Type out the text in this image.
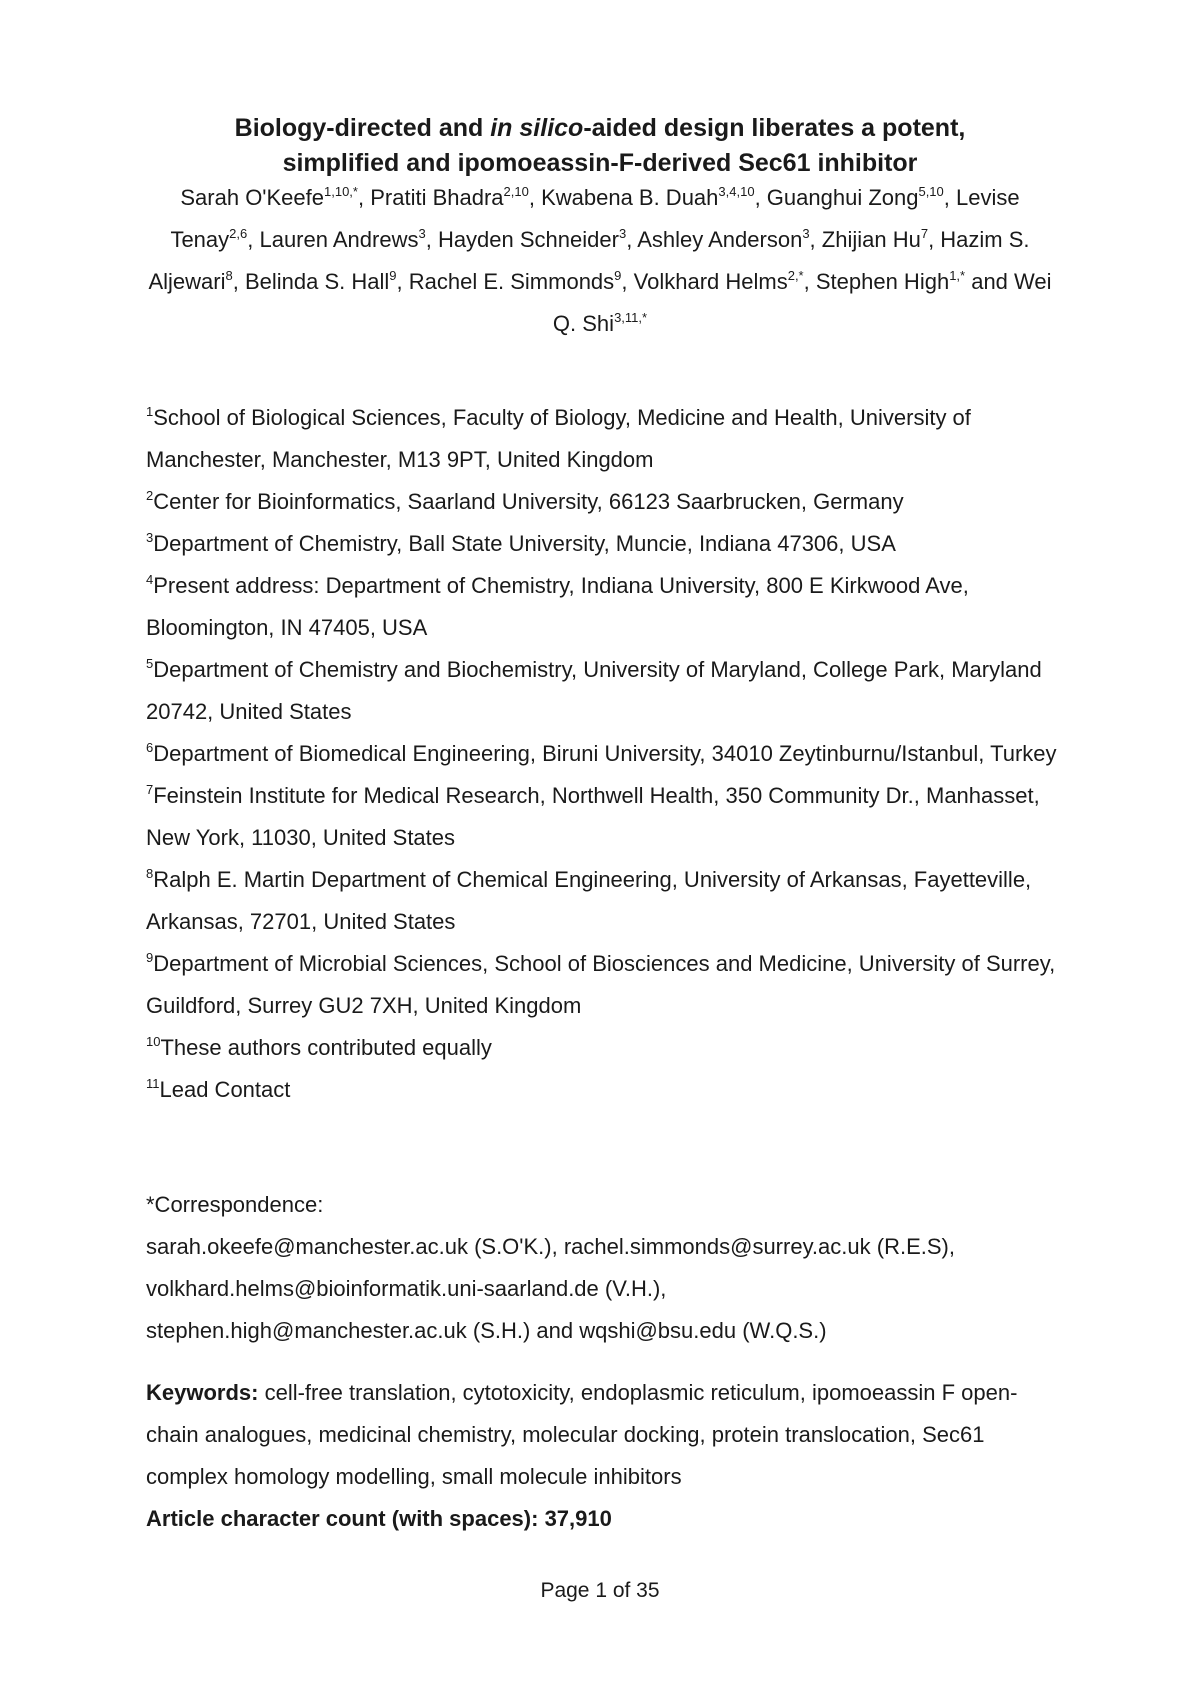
Biology-directed and in silico-aided design liberates a potent,
simplified and ipomoeassin-F-derived Sec61 inhibitor
Sarah O'Keefe$^{1,10,*}$, Pratiti Bhadra$^{2,10}$, Kwabena B. Duah$^{3,4,10}$, Guanghui Zong$^{5,10}$, Levise Tenay$^{2,6}$, Lauren Andrews$^3$, Hayden Schneider$^3$, Ashley Anderson$^3$, Zhijian Hu$^7$, Hazim S. Aljewari$^8$, Belinda S. Hall$^9$, Rachel E. Simmonds$^9$, Volkhard Helms$^{2,*}$, Stephen High$^{1,*}$ and Wei Q. Shi$^{3,11,*}$

$^1$School of Biological Sciences, Faculty of Biology, Medicine and Health, University of Manchester, Manchester, M13 9PT, United Kingdom

$^2$Center for Bioinformatics, Saarland University, 66123 Saarbrucken, Germany

$^3$Department of Chemistry, Ball State University, Muncie, Indiana 47306, USA

$^4$Present address: Department of Chemistry, Indiana University, 800 E Kirkwood Ave, Bloomington, IN 47405, USA

$^5$Department of Chemistry and Biochemistry, University of Maryland, College Park, Maryland 20742, United States

$^6$Department of Biomedical Engineering, Biruni University, 34010 Zeytinburnu/Istanbul, Turkey

$^7$Feinstein Institute for Medical Research, Northwell Health, 350 Community Dr., Manhasset, New York, 11030, United States

$^8$Ralph E. Martin Department of Chemical Engineering, University of Arkansas, Fayetteville, Arkansas, 72701, United States

$^9$Department of Microbial Sciences, School of Biosciences and Medicine, University of Surrey, Guildford, Surrey GU2 7XH, United Kingdom

$^{10}$These authors contributed equally

$^{11}$Lead Contact

*Correspondence:
sarah.okeefe@manchester.ac.uk (S.O'K.), rachel.simmonds@surrey.ac.uk (R.E.S),
volkhard.helms@bioinformatik.uni-saarland.de (V.H.),
stephen.high@manchester.ac.uk (S.H.) and wqshi@bsu.edu (W.Q.S.)
Keywords: cell-free translation, cytotoxicity, endoplasmic reticulum, ipomoeassin F open-chain analogues, medicinal chemistry, molecular docking, protein translocation, Sec61 complex homology modelling, small molecule inhibitors
Article character count (with spaces): 37,910
Page 1 of 35
